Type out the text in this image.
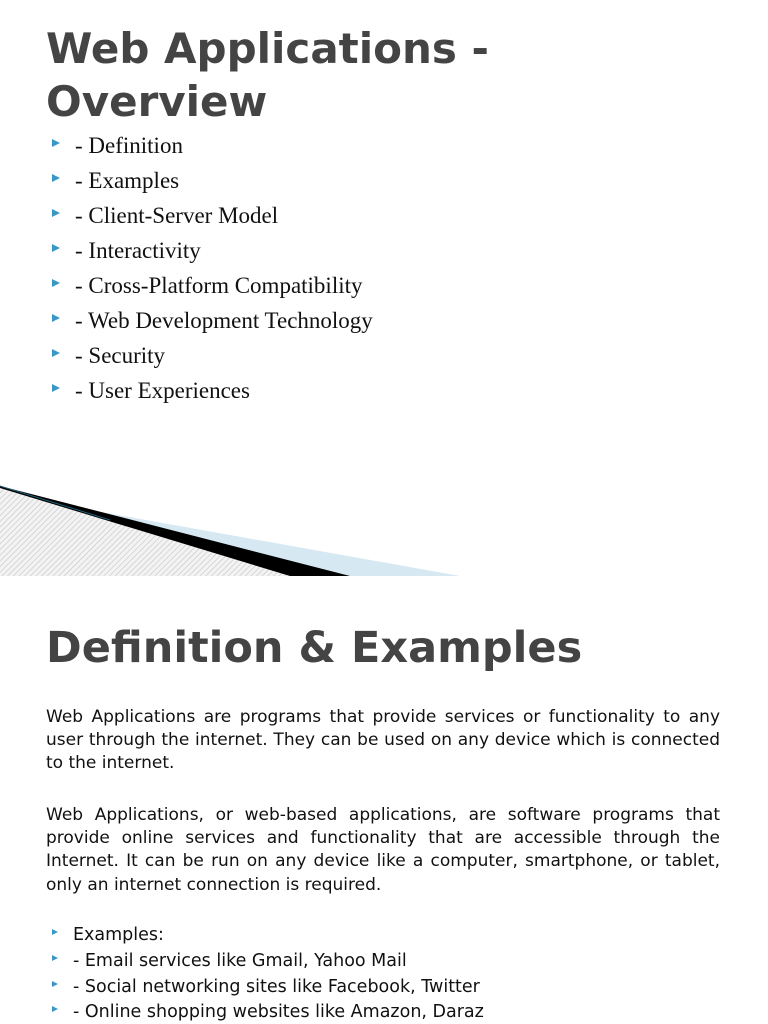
Web Applications - Overview
- Definition
- Examples
- Client-Server Model
- Interactivity
- Cross-Platform Compatibility
- Web Development Technology
- Security
- User Experiences
Definition & Examples

Web Applications are programs that provide services or functionality to any user through the internet. They can be used on any device which is connected to the internet.

Web Applications, or web-based applications, are software programs that provide online services and functionality that are accessible through the Internet. It can be run on any device like a computer, smartphone, or tablet, only an internet connection is required.

Examples:
- Email services like Gmail, Yahoo Mail
- Social networking sites like Facebook, Twitter
- Online shopping websites like Amazon, Daraz
